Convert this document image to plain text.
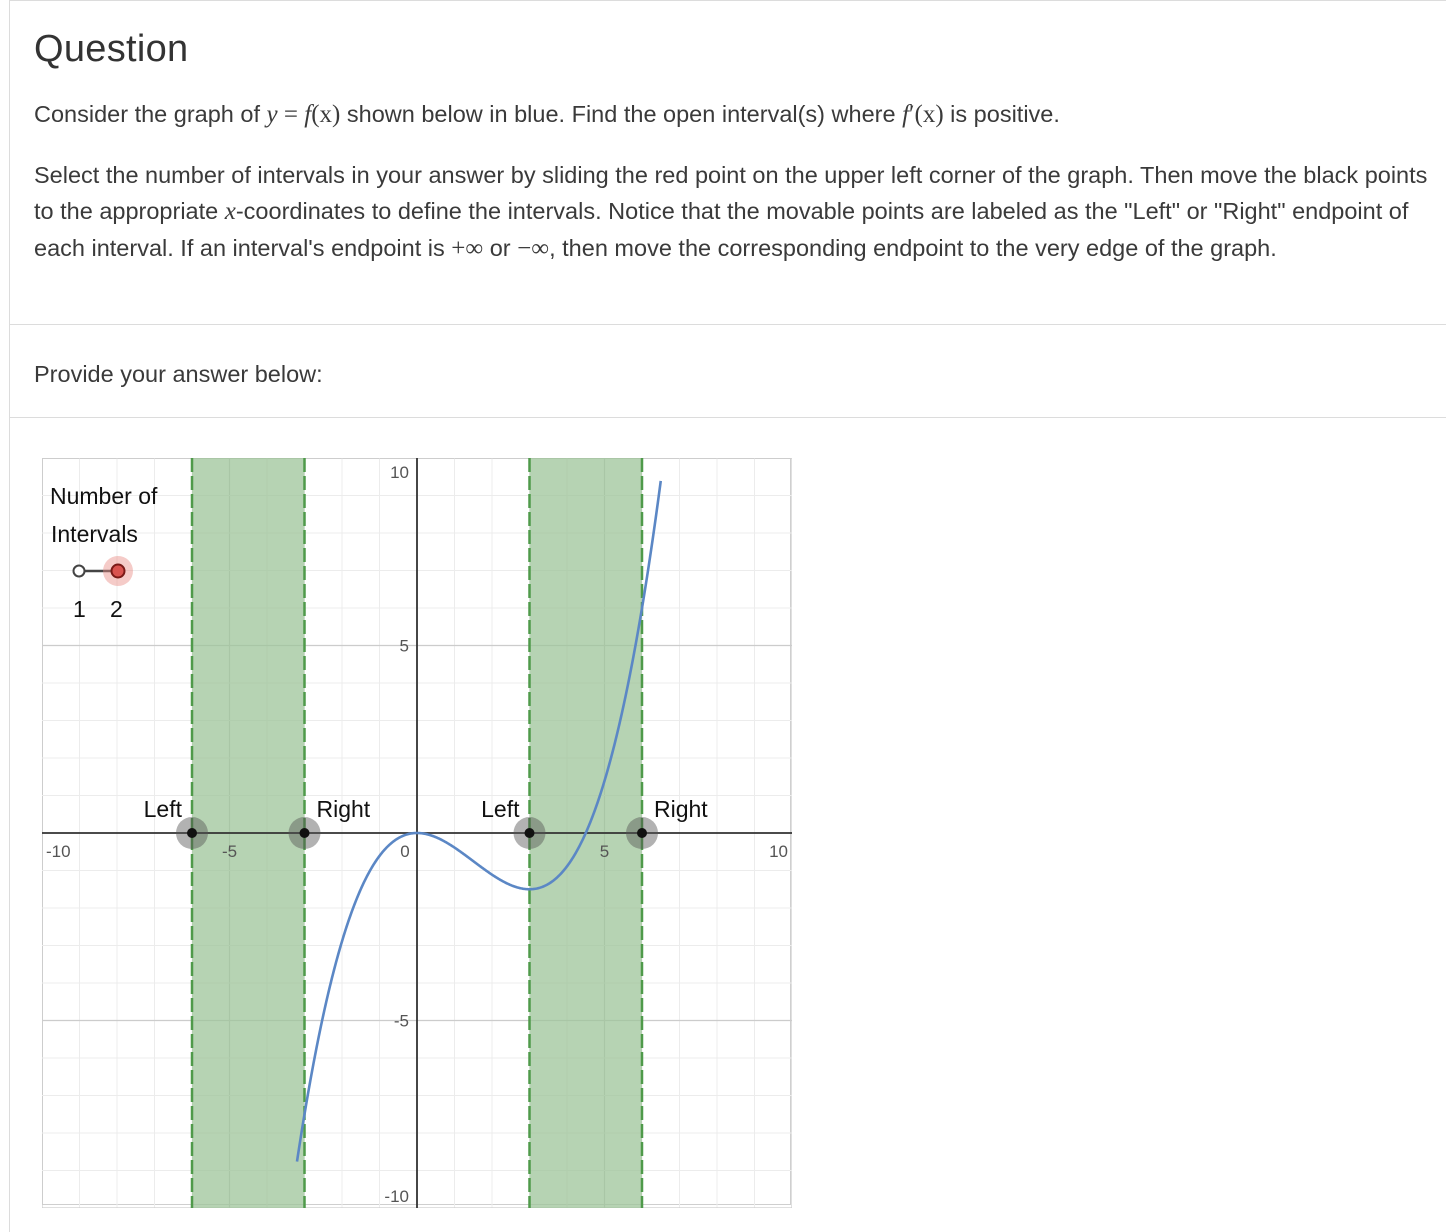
Question
Consider the graph of y = f(x) shown below in blue. Find the open interval(s) where f′(x) is positive.
Select the number of intervals in your answer by sliding the red point on the upper left corner of the graph. Then move the black points to the appropriate x-coordinates to define the intervals. Notice that the movable points are labeled as the "Left" or "Right" endpoint of each interval. If an interval's endpoint is +∞ or −∞, then move the corresponding endpoint to the very edge of the graph.
Provide your answer below:
-10	-5	0	5	10
10
5
-5
-10
Left	Right	Left	Right
Number of
Intervals
1 2
